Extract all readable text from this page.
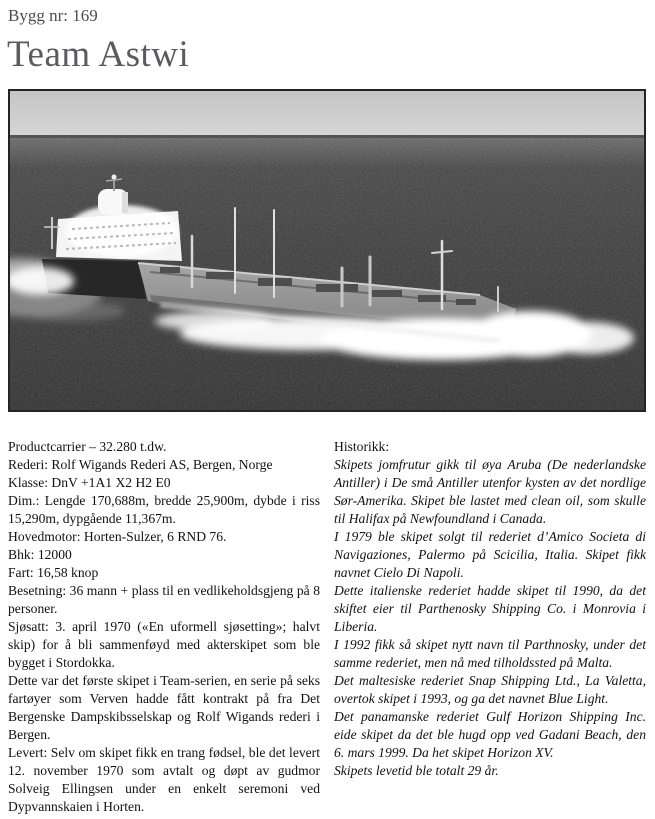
Bygg nr: 169
Team Astwi

Productcarrier – 32.280 t.dw.

Rederi: Rolf Wigands Rederi AS, Bergen, Norge

Klasse: DnV +1A1 X2 H2 E0

Dim.: Lengde 170,688m, bredde 25,900m, dybde i riss 15,290m, dypgående 11,367m.

Hovedmotor: Horten-Sulzer, 6 RND 76.

Bhk: 12000

Fart: 16,58 knop

Besetning: 36 mann + plass til en vedlikeholdsgjeng på 8 personer.

Sjøsatt: 3. april 1970 («En uformell sjøsetting»; halvt skip) for å bli sammenføyd med akterskipet som ble bygget i Stordokka.

Dette var det første skipet i Team-serien, en serie på seks fartøyer som Verven hadde fått kontrakt på fra Det Bergenske Dampskibsselskap og Rolf Wigands rederi i Bergen.

Levert: Selv om skipet fikk en trang fødsel, ble det levert 12. november 1970 som avtalt og døpt av gudmor Solveig Ellingsen under en enkelt seremoni ved Dypvannskaien i Horten.

Historikk:

Skipets jomfrutur gikk til øya Aruba (De nederlandske Antiller) i De små Antiller utenfor kysten av det nordlige Sør-Amerika. Skipet ble lastet med clean oil, som skulle til Halifax på Newfoundland i Canada.

I 1979 ble skipet solgt til rederiet d’Amico Societa di Navigaziones, Palermo på Scicilia, Italia. Skipet fikk navnet Cielo Di Napoli.

Dette italienske rederiet hadde skipet til 1990, da det skiftet eier til Parthenosky Shipping Co. i Monrovia i Liberia.

I 1992 fikk så skipet nytt navn til Parthnosky, under det samme rederiet, men nå med tilholdssted på Malta.

Det maltesiske rederiet Snap Shipping Ltd., La Valetta, overtok skipet i 1993, og ga det navnet Blue Light.

Det panamanske rederiet Gulf Horizon Shipping Inc. eide skipet da det ble hugd opp ved Gadani Beach, den 6. mars 1999. Da het skipet Horizon XV.

Skipets levetid ble totalt 29 år.
